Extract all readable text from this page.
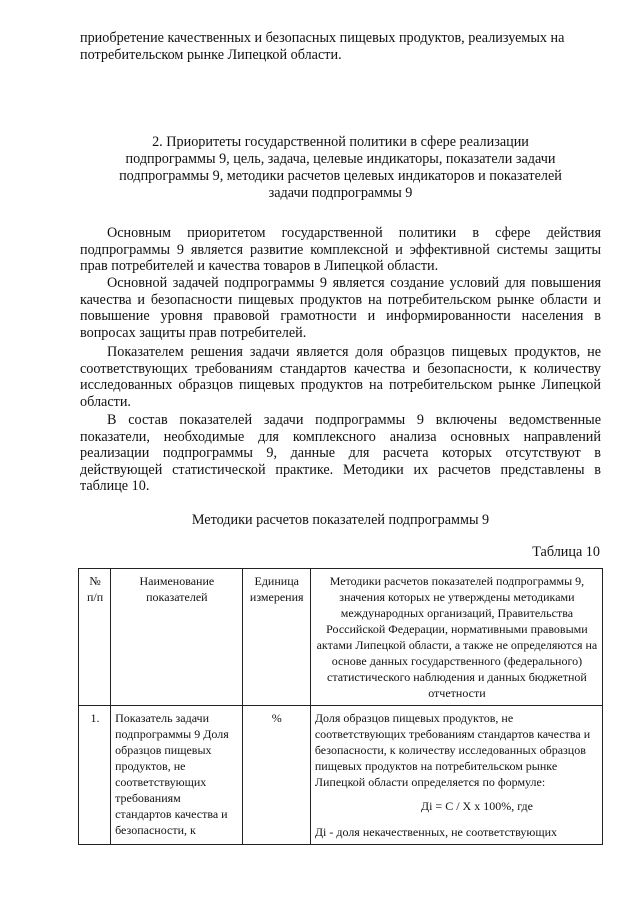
приобретение качественных и безопасных пищевых продуктов, реализуемых на потребительском рынке Липецкой области.

2. Приоритеты государственной политики в сфере реализации
подпрограммы 9, цель, задача, целевые индикаторы, показатели задачи
подпрограммы 9, методики расчетов целевых индикаторов и показателей
задачи подпрограммы 9

Основным приоритетом государственной политики в сфере действия подпрограммы 9 является развитие комплексной и эффективной системы защиты прав потребителей и качества товаров в Липецкой области.

Основной задачей подпрограммы 9 является создание условий для повышения качества и безопасности пищевых продуктов на потребительском рынке области и повышение уровня правовой грамотности и информированности населения в вопросах защиты прав потребителей.

Показателем решения задачи является доля образцов пищевых продуктов, не соответствующих требованиям стандартов качества и безопасности, к количеству исследованных образцов пищевых продуктов на потребительском рынке Липецкой области.

В состав показателей задачи подпрограммы 9 включены ведомственные показатели, необходимые для комплексного анализа основных направлений реализации подпрограммы 9, данные для расчета которых отсутствуют в действующей статистической практике. Методики их расчетов представлены в таблице 10.

Методики расчетов показателей подпрограммы 9

Таблица 10

№ п/п	Наименование показателей	Единица измерения	Методики расчетов показателей подпрограммы 9, значения которых не утверждены методиками международных организаций, Правительства Российской Федерации, нормативными правовыми актами Липецкой области, а также не определяются на основе данных государственного (федерального) статистического наблюдения и данных бюджетной отчетности
1.	Показатель задачи подпрограммы 9 Доля образцов пищевых продуктов, не соответствующих требованиям стандартов качества и безопасности, к	%	Доля образцов пищевых продуктов, не соответствующих требованиям стандартов качества и безопасности, к количеству исследованных образцов пищевых продуктов на потребительском рынке Липецкой области определяется по формуле:
Дi = С / Х х 100%, где
Дi - доля некачественных, не соответствующих
